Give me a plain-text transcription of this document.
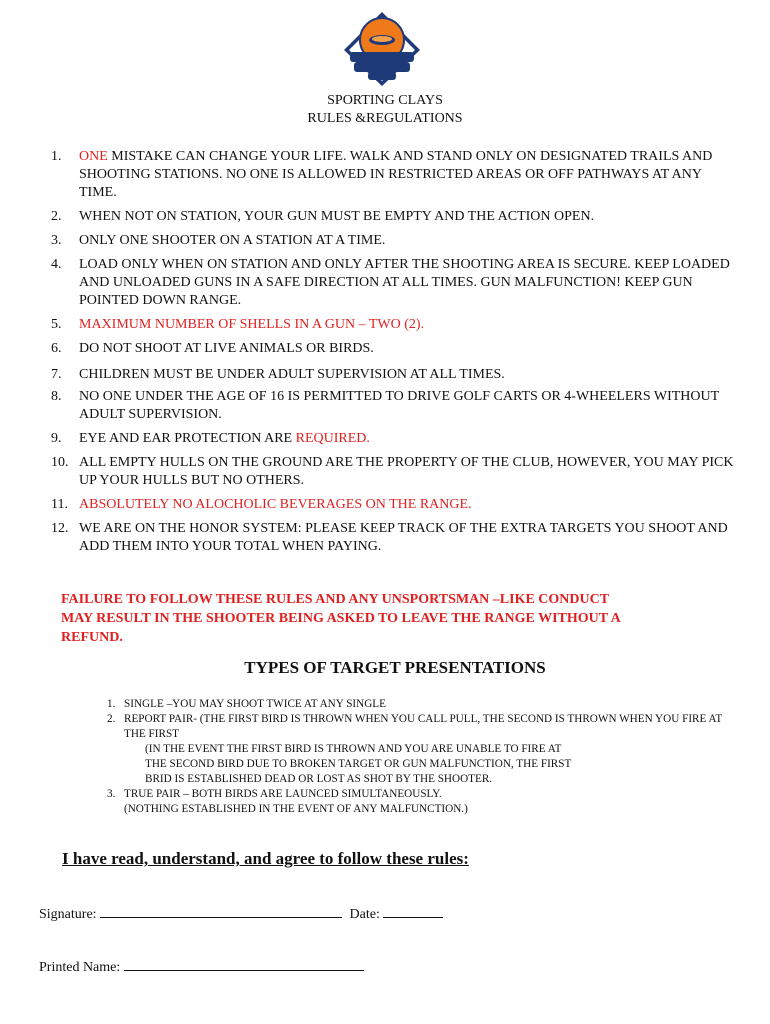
SPORTING CLAYS
RULES &REGULATIONS
1.	ONE MISTAKE CAN CHANGE YOUR LIFE. WALK AND STAND ONLY ON DESIGNATED TRAILS AND SHOOTING STATIONS. NO ONE IS ALLOWED IN RESTRICTED AREAS OR OFF PATHWAYS AT ANY TIME.
2.	WHEN NOT ON STATION, YOUR GUN MUST BE EMPTY AND THE ACTION OPEN.
3.	ONLY ONE SHOOTER ON A STATION AT A TIME.
4.	LOAD ONLY WHEN ON STATION AND ONLY AFTER THE SHOOTING AREA IS SECURE. KEEP LOADED AND UNLOADED GUNS IN A SAFE DIRECTION AT ALL TIMES. GUN MALFUNCTION! KEEP GUN POINTED DOWN RANGE.
5.	MAXIMUM NUMBER OF SHELLS IN A GUN – TWO (2).
6.	DO NOT SHOOT AT LIVE ANIMALS OR BIRDS.
7.	CHILDREN MUST BE UNDER ADULT SUPERVISION AT ALL TIMES.
8.	NO ONE UNDER THE AGE OF 16 IS PERMITTED TO DRIVE GOLF CARTS OR 4-WHEELERS WITHOUT ADULT SUPERVISION.
9.	EYE AND EAR PROTECTION ARE REQUIRED.
10. ALL EMPTY HULLS ON THE GROUND ARE THE PROPERTY OF THE CLUB, HOWEVER, YOU MAY PICK UP YOUR HULLS BUT NO OTHERS.
11. ABSOLUTELY NO ALOCHOLIC BEVERAGES ON THE RANGE.
12. WE ARE ON THE HONOR SYSTEM: PLEASE KEEP TRACK OF THE EXTRA TARGETS YOU SHOOT AND ADD THEM INTO YOUR TOTAL WHEN PAYING.
FAILURE TO FOLLOW THESE RULES AND ANY UNSPORTSMAN –LIKE CONDUCT MAY RESULT IN THE SHOOTER BEING ASKED TO LEAVE THE RANGE WITHOUT A REFUND.
TYPES OF TARGET PRESENTATIONS
1. SINGLE –YOU MAY SHOOT TWICE AT ANY SINGLE
2. REPORT PAIR- (THE FIRST BIRD IS THROWN WHEN YOU CALL PULL, THE SECOND IS THROWN WHEN YOU FIRE AT THE FIRST
(IN THE EVENT THE FIRST BIRD IS THROWN AND YOU ARE UNABLE TO FIRE AT THE SECOND BIRD DUE TO BROKEN TARGET OR GUN MALFUNCTION, THE FIRST BRID IS ESTABLISHED DEAD OR LOST AS SHOT BY THE SHOOTER.
3. TRUE PAIR – BOTH BIRDS ARE LAUNCED SIMULTANEOUSLY.
(NOTHING ESTABLISHED IN THE EVENT OF ANY MALFUNCTION.)
I have read, understand, and agree to follow these rules:
Signature:	Date:
Printed Name:
